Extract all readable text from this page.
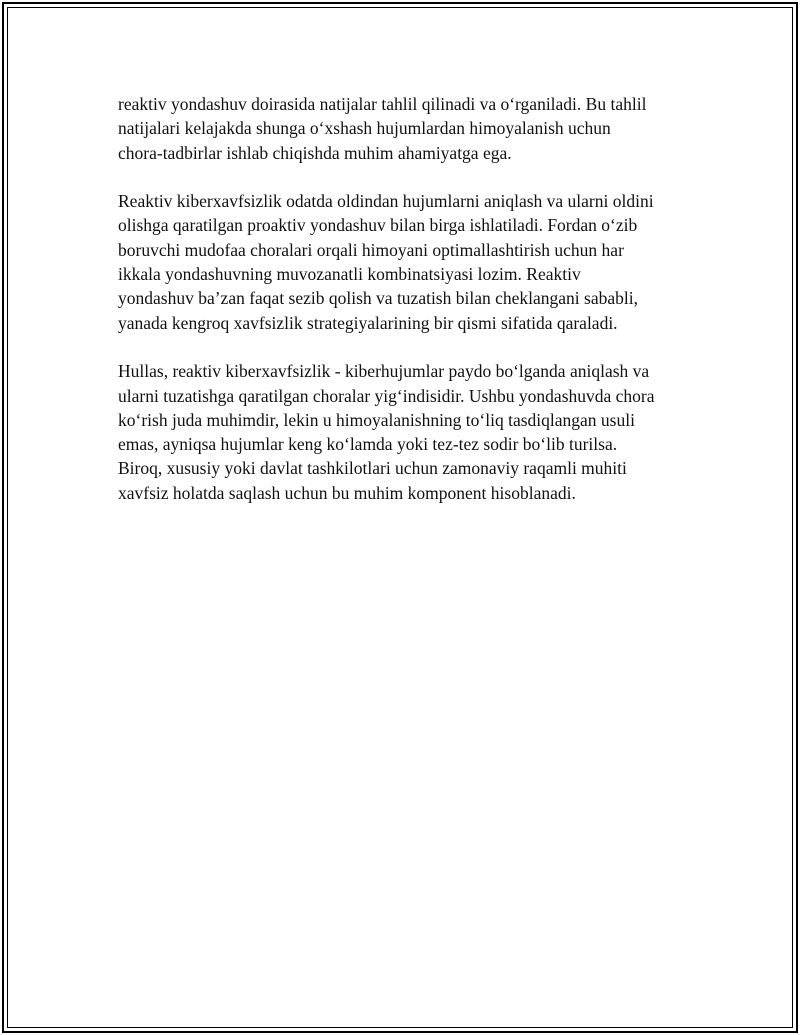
reaktiv yondashuv doirasida natijalar tahlil qilinadi va o‘rganiladi. Bu tahlil
natijalari kelajakda shunga o‘xshash hujumlardan himoyalanish uchun
chora-tadbirlar ishlab chiqishda muhim ahamiyatga ega.

Reaktiv kiberxavfsizlik odatda oldindan hujumlarni aniqlash va ularni oldini
olishga qaratilgan proaktiv yondashuv bilan birga ishlatiladi. Fordan o‘zib
boruvchi mudofaa choralari orqali himoyani optimallashtirish uchun har
ikkala yondashuvning muvozanatli kombinatsiyasi lozim. Reaktiv
yondashuv ba’zan faqat sezib qolish va tuzatish bilan cheklangani sababli,
yanada kengroq xavfsizlik strategiyalarining bir qismi sifatida qaraladi.

Hullas, reaktiv kiberxavfsizlik - kiberhujumlar paydo bo‘lganda aniqlash va
ularni tuzatishga qaratilgan choralar yig‘indisidir. Ushbu yondashuvda chora
ko‘rish juda muhimdir, lekin u himoyalanishning to‘liq tasdiqlangan usuli
emas, ayniqsa hujumlar keng ko‘lamda yoki tez-tez sodir bo‘lib turilsa.
Biroq, xususiy yoki davlat tashkilotlari uchun zamonaviy raqamli muhiti
xavfsiz holatda saqlash uchun bu muhim komponent hisoblanadi.
